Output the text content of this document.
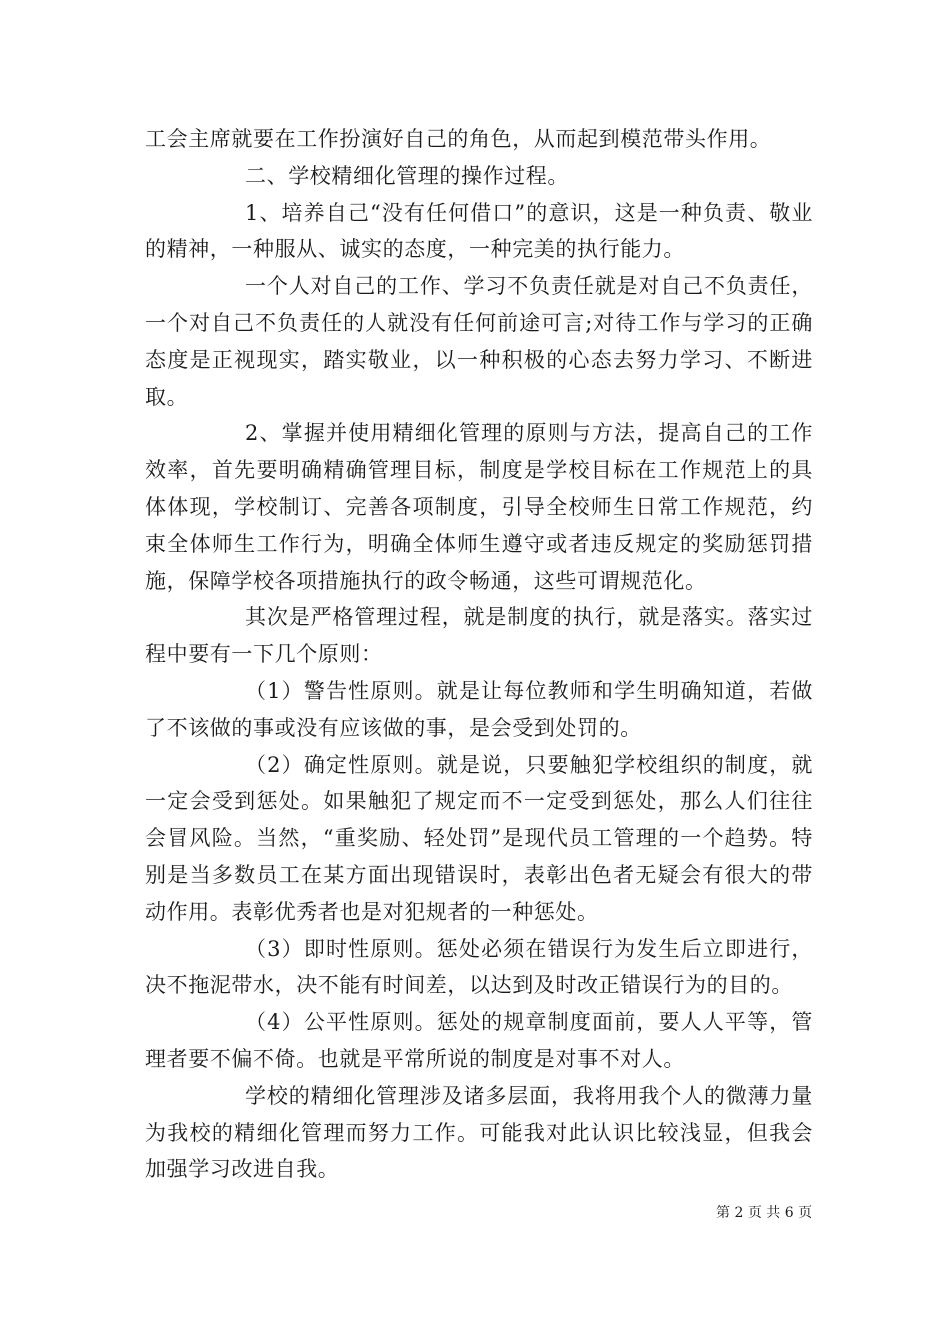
工会主席就要在工作扮演好自己的角色，从而起到模范带头作用。

二、学校精细化管理的操作过程。

1、培养自己“没有任何借口”的意识，这是一种负责、敬业的精神，一种服从、诚实的态度，一种完美的执行能力。

一个人对自己的工作、学习不负责任就是对自己不负责任，一个对自己不负责任的人就没有任何前途可言;对待工作与学习的正确态度是正视现实，踏实敬业，以一种积极的心态去努力学习、不断进取。

2、掌握并使用精细化管理的原则与方法，提高自己的工作效率，首先要明确精确管理目标，制度是学校目标在工作规范上的具体体现，学校制订、完善各项制度，引导全校师生日常工作规范，约束全体师生工作行为，明确全体师生遵守或者违反规定的奖励惩罚措施，保障学校各项措施执行的政令畅通，这些可谓规范化。

其次是严格管理过程，就是制度的执行，就是落实。落实过程中要有一下几个原则：

（1）警告性原则。就是让每位教师和学生明确知道，若做了不该做的事或没有应该做的事，是会受到处罚的。

（2）确定性原则。就是说，只要触犯学校组织的制度，就一定会受到惩处。如果触犯了规定而不一定受到惩处，那么人们往往会冒风险。当然，“重奖励、轻处罚”是现代员工管理的一个趋势。特别是当多数员工在某方面出现错误时，表彰出色者无疑会有很大的带动作用。表彰优秀者也是对犯规者的一种惩处。

（3）即时性原则。惩处必须在错误行为发生后立即进行，决不拖泥带水，决不能有时间差，以达到及时改正错误行为的目的。

（4）公平性原则。惩处的规章制度面前，要人人平等，管理者要不偏不倚。也就是平常所说的制度是对事不对人。

学校的精细化管理涉及诸多层面，我将用我个人的微薄力量为我校的精细化管理而努力工作。可能我对此认识比较浅显，但我会加强学习改进自我。

第 2 页 共 6 页
